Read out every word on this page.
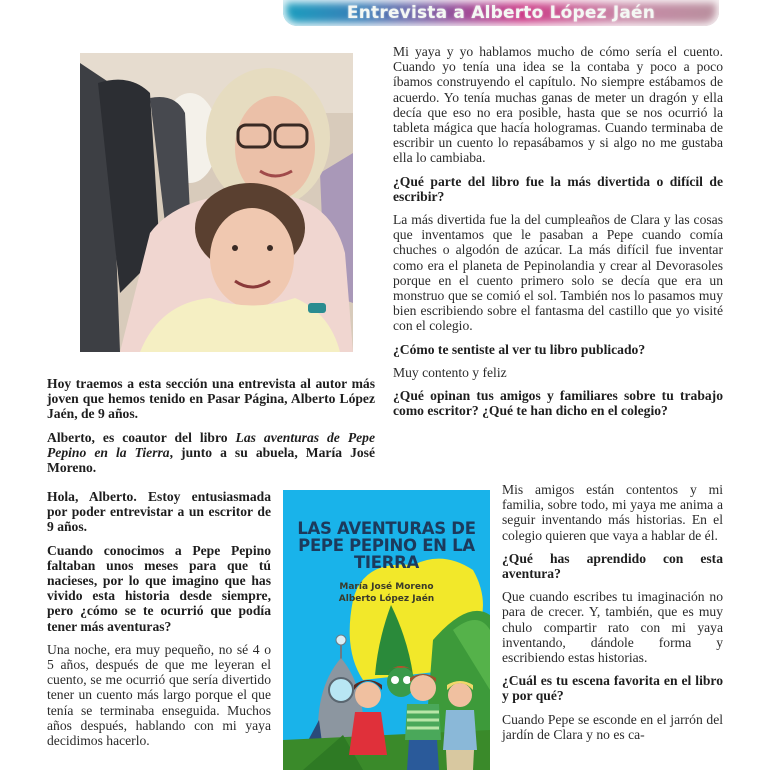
Entrevista a Alberto López Jaén

Mi yaya y yo hablamos mucho de cómo sería el cuento. Cuando yo tenía una idea se la contaba y poco a poco íbamos construyendo el capítulo. No siempre estábamos de acuerdo. Yo tenía muchas ganas de meter un dragón y ella decía que eso no era posible, hasta que se nos ocurrió la tableta mágica que hacía hologramas. Cuando terminaba de escribir un cuento lo repasábamos y si algo no me gustaba ella lo cambiaba.

¿Qué parte del libro fue la más divertida o difícil de escribir?

La más divertida fue la del cumpleaños de Clara y las cosas que inventamos que le pasaban a Pepe cuando comía chuches o algodón de azúcar. La más difícil fue inventar como era el planeta de Pepinolandia y crear al Devorasoles porque en el cuento primero solo se decía que era un monstruo que se comió el sol. También nos lo pasamos muy bien escribiendo sobre el fantasma del castillo que yo visité con el colegio.

¿Cómo te sentiste al ver tu libro publicado?

Muy contento y feliz

¿Qué opinan tus amigos y familiares sobre tu trabajo como escritor? ¿Qué te han dicho en el colegio?

Hoy traemos a esta sección una entrevista al autor más joven que hemos tenido en Pasar Página, Alberto López Jaén, de 9 años.

Alberto, es coautor del libro Las aventuras de Pepe Pepino en la Tierra, junto a su abuela, María José Moreno.

Hola, Alberto. Estoy entusiasmada por poder entrevistar a un escritor de 9 años.

Cuando conocimos a Pepe Pepino faltaban unos meses para que tú nacieses, por lo que imagino que has vivido esta historia desde siempre, pero ¿cómo se te ocurrió que podía tener más aventuras?

Una noche, era muy pequeño, no sé 4 o 5 años, después de que me leyeran el cuento, se me ocurrió que sería divertido tener un cuento más largo porque el que tenía se terminaba enseguida. Muchos años después, hablando con mi yaya decidimos hacerlo.

LAS AVENTURAS DE
PEPE PEPINO EN LA
TIERRA
María José Moreno
Alberto López Jaén

Mis amigos están contentos y mi familia, sobre todo, mi yaya me anima a seguir inventando más historias. En el colegio quieren que vaya a hablar de él.

¿Qué has aprendido con esta aventura?

Que cuando escribes tu imaginación no para de crecer. Y, también, que es muy chulo compartir rato con mi yaya inventando, dándole forma y escribiendo estas historias.

¿Cuál es tu escena favorita en el libro y por qué?

Cuando Pepe se esconde en el jarrón del jardín de Clara y no es ca-
